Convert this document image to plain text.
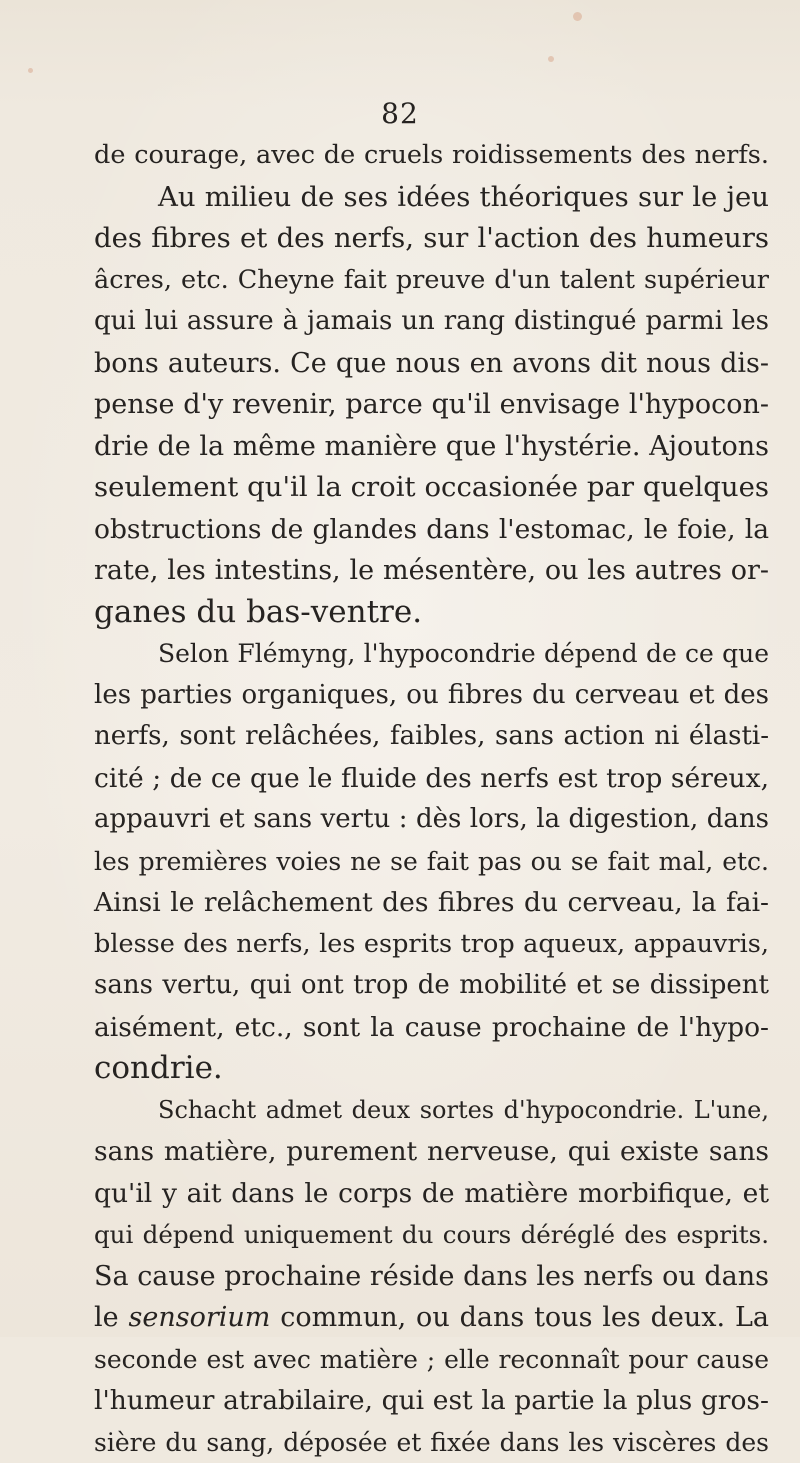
82
de courage, avec de cruels roidissements des nerfs.
Au milieu de ses idées théoriques sur le jeu
des fibres et des nerfs, sur l'action des humeurs
âcres, etc. Cheyne fait preuve d'un talent supérieur
qui lui assure à jamais un rang distingué parmi les
bons auteurs. Ce que nous en avons dit nous dis-
pense d'y revenir, parce qu'il envisage l'hypocon-
drie de la même manière que l'hystérie. Ajoutons
seulement qu'il la croit occasionée par quelques
obstructions de glandes dans l'estomac, le foie, la
rate, les intestins, le mésentère, ou les autres or-
ganes du bas-ventre.
Selon Flémyng, l'hypocondrie dépend de ce que
les parties organiques, ou fibres du cerveau et des
nerfs, sont relâchées, faibles, sans action ni élasti-
cité ; de ce que le fluide des nerfs est trop séreux,
appauvri et sans vertu : dès lors, la digestion, dans
les premières voies ne se fait pas ou se fait mal, etc.
Ainsi le relâchement des fibres du cerveau, la fai-
blesse des nerfs, les esprits trop aqueux, appauvris,
sans vertu, qui ont trop de mobilité et se dissipent
aisément, etc., sont la cause prochaine de l'hypo-
condrie.
Schacht admet deux sortes d'hypocondrie. L'une,
sans matière, purement nerveuse, qui existe sans
qu'il y ait dans le corps de matière morbifique, et
qui dépend uniquement du cours déréglé des esprits.
Sa cause prochaine réside dans les nerfs ou dans
le sensorium commun, ou dans tous les deux. La
seconde est avec matière ; elle reconnaît pour cause
l'humeur atrabilaire, qui est la partie la plus gros-
sière du sang, déposée et fixée dans les viscères des
